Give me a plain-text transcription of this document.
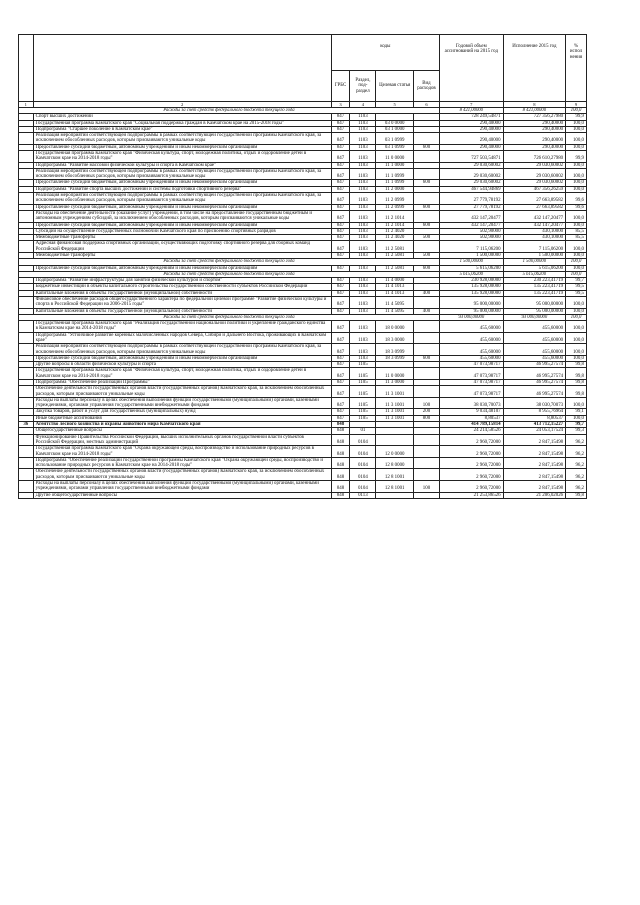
		коды				Годовой объем ассигнований на 2015 год	Исполнение 2015 год	% испол нения
		ГРБС	Раздел, под- раздел	Целевая статья	Вид расходов			
1	2	3	4	5	6	7	8	9
Расходы за счет средств федерального бюджета текущего года						8 421,00000	8 421,00000	100,0
	Спорт высших достижений	847	1103			728 249,54871	727 356,27980	99,9
	Государственная программа Камчатского края "Социальная поддержка граждан в Камчатском крае на 2015-2018 годы"	847	1103	03 0 0000		290,40000	290,40000	100,0
	Подпрограмма "Старшее поколение в Камчатском крае"	847	1103	03 1 0000		290,40000	290,40000	100,0
	Реализация мероприятий соответствующей подпрограммы в рамках соответствующей государственной программы Камчатского края, за исключением обособленных расходов, которым присваиваются уникальные коды	847	1103	03 1 0999		290,40000	290,40000	100,0
	Предоставление субсидий бюджетным, автономным учреждениям и иным некоммерческим организациям	847	1103	03 1 0999	600	290,40000	290,40000	100,0
	Государственная программа Камчатского края "Физическая культура, спорт, молодежная политика, отдых и оздоровление детей в Камчатском крае на 2014-2018 годы"	847	1103	11 0 0000		727 503,54871	726 610,27980	99,9
	Подпрограмма "Развитие массовой физической культуры и спорта в Камчатском крае"	847	1103	11 1 0000		29 030,60002	29 030,60002	100,0
	Реализация мероприятий соответствующей подпрограммы в рамках соответствующей государственной программы Камчатского края, за исключением обособленных расходов, которым присваиваются уникальные коды	847	1103	11 1 0999		29 030,60002	29 030,60002	100,0
	Предоставление субсидий бюджетным, автономным учреждениям и иным некоммерческим организациям	847	1103	11 1 0999	600	29 030,60002	29 030,60002	100,0
	Подпрограмма "Развитие спорта высших достижений и системы подготовки спортивного резерва"	847	1103	11 2 0000		467 544,94869	467 356,26259	100,0
	Реализация мероприятий соответствующей подпрограммы в рамках соответствующей государственной программы Камчатского края, за исключением обособленных расходов, которым присваиваются уникальные коды	847	1103	11 2 0999		27 779,78192	27 663,89582	99,6
	Предоставление субсидий бюджетным, автономным учреждениям и иным некоммерческим организациям	847	1103	11 2 0999	600	27 779,78192	27 663,89582	99,6
	Расходы на обеспечение деятельности (оказание услуг) учреждений, в том числе на предоставление государственным бюджетным и автономным учреждениям субсидий, за исключением обособленных расходов, которым присваиваются уникальные коды	847	1103	11 2 1014		432 147,20477	432 147,20477	100,0
	Предоставление субсидий бюджетным, автономным учреждениям и иным некоммерческим организациям	847	1103	11 2 1014	600	432 147,20477	432 147,20477	100,0
	Субсидии на осуществление государственных полномочий Камчатского края по присвоению спортивных разрядов	847	1103	11 2 4020		502,90000	430,10000	85,5
	Межбюджетные трансферты	847	1103	11 2 4020	500	502,90000	430,10000	85,5
	Адресная финансовая поддержка спортивных организаций, осуществляющих подготовку спортивного резерва для сборных команд Российской Федерации	847	1103	11 2 5081		7 115,06200	7 115,06200	100,0
	Межбюджетные трансферты	847	1103	11 2 5081	500	1 500,00000	1 500,00000	100,0
Расходы за счет средств федерального бюджета текущего года						1 500,00000	1 500,00000	100,0
	Предоставление субсидий бюджетным, автономным учреждениям и иным некоммерческим организациям	847	1103	11 2 5081	600	5 615,06200	5 615,06200	100,0
Расходы за счет средств федерального бюджета текущего года						5 615,06200	5 615,06200	100,0
	Подпрограмма "Развитие инфраструктуры для занятий физической культурой и спортом"	847	1103	11 4 0000		230 928,00000	230 223,41719	99,7
	Бюджетные инвестиции в объекты капитального строительства государственной собственности субъектов Российской Федерации	847	1103	11 4 1013		135 928,00000	135 223,41719	99,5
	Капитальные вложения в объекты государственной (муниципальной) собственности	847	1103	11 4 1013	400	135 928,00000	135 223,41719	99,5
	Финансовое обеспечение расходов общегосударственного характера по федеральной целевой программе "Развитие физической культуры и спорта в Российской Федерации на 2006-2015 годы"	847	1103	11 4 5095		95 000,00000	95 000,00000	100,0
	Капитальные вложения в объекты государственной (муниципальной) собственности	847	1103	11 4 5095	400	95 000,00000	95 000,00000	100,0
Расходы за счет средств федерального бюджета текущего года						93 000,00000	93 000,00000	100,0
	Государственная программа Камчатского края "Реализация государственной национальной политики и укрепление гражданского единства в Камчатском крае на 2014-2018 годы"	847	1103	18 0 0000		455,60000	455,60000	100,0
	Подпрограмма "Устойчивое развитие коренных малочисленных народов Севера, Сибири и Дальнего Востока, проживающих в Камчатском крае"	847	1103	18 3 0000		455,60000	455,60000	100,0
	Реализация мероприятий соответствующей подпрограммы в рамках соответствующей государственной программы Камчатского края, за исключением обособленных расходов, которым присваиваются уникальные коды	847	1103	18 3 0999		455,60000	455,60000	100,0
	Предоставление субсидий бюджетным, автономным учреждениям и иным некоммерческим организациям	847	1103	18 3 0999	600	455,60000	455,60000	100,0
	Другие вопросы в области физической культуры и спорта	847	1105			47 073,98717	46 995,27574	99,8
	Государственная программа Камчатского края "Физическая культура, спорт, молодежная политика, отдых и оздоровление детей в Камчатском крае на 2014-2018 годы"	847	1105	11 0 0000		47 073,98717	46 995,27574	99,8
	Подпрограмма "Обеспечение реализации Программы"	847	1105	11 3 0000		47 073,98717	46 995,27574	99,8
	Обеспечение деятельности государственных органов власти (государственных органов) Камчатского края, за исключением обособленных расходов, которым присваиваются уникальные коды	847	1105	11 3 1001		47 073,98717	46 995,27574	99,8
	Расходы на выплаты персоналу в целях обеспечения выполнения функций государственными (муниципальными) органами, казенными учреждениями, органами управления государственными внебюджетными фондами	847	1105	11 3 1001	100	38 030,70073	38 030,70073	100,0
	Закупка товаров, работ и услуг для государственных (муниципальных) нужд	847	1105	11 3 1001	200	9 034,48107	8 955,76964	99,1
	Иные бюджетные ассигнования	847	1105	11 3 1001	800	8,80537	8,80537	100,0
36	Агентство лесного хозяйства и охраны животного мира Камчатского края	848				414 789,15814	413 712,15227	99,7
	Общегосударственные вопросы	848	01			24 214,58526	24 053,17524	99,3
	Функционирование Правительства Российской Федерации, высших исполнительных органов государственной власти субъектов Российской Федерации, местных администраций	848	0104			2 960,72000	2 847,15498	96,2
	Государственная программа Камчатского края "Охрана окружающей среды, воспроизводство и использование природных ресурсов в Камчатском крае на 2014-2018 годы"	848	0104	12 0 0000		2 960,72000	2 847,15498	96,2
	Подпрограмма "Обеспечение реализации государственной программы Камчатского края "Охрана окружающей среды, воспроизводство и использование природных ресурсов в Камчатском крае на 2014-2018 годы"	848	0104	12 8 0000		2 960,72000	2 847,15498	96,2
	Обеспечение деятельности государственных органов власти (государственных органов) Камчатского края, за исключением обособленных расходов, которым присваиваются уникальные коды	848	0104	12 8 1001		2 960,72000	2 847,15498	96,2
	Расходы на выплаты персоналу в целях обеспечения выполнения функций государственными (муниципальными) органами, казенными учреждениями, органами управления государственными внебюджетными фондами	848	0104	12 8 1001	100	2 960,72000	2 847,15498	96,2
	Другие общегосударственные вопросы	848	0113			21 253,86526	21 206,02026	99,8
